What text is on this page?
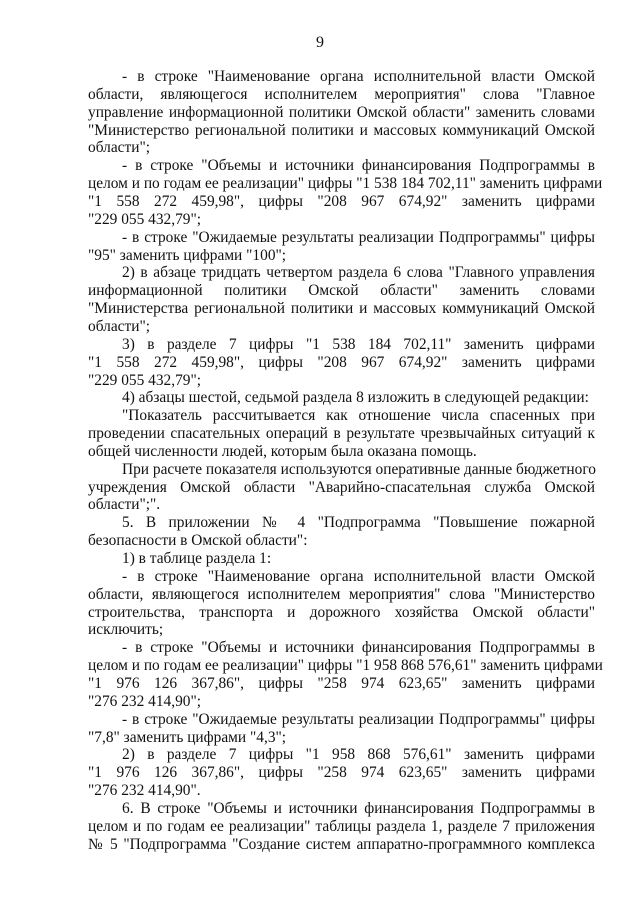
9
- в строке "Наименование органа исполнительной власти Омской
области, являющегося исполнителем мероприятия" слова "Главное
управление информационной политики Омской области" заменить словами
"Министерство региональной политики и массовых коммуникаций Омской
области";
- в строке "Объемы и источники финансирования Подпрограммы в
целом и по годам ее реализации" цифры "1 538 184 702,11" заменить цифрами
"1 558 272 459,98", цифры "208 967 674,92" заменить цифрами
"229 055 432,79";
- в строке "Ожидаемые результаты реализации Подпрограммы" цифры
"95" заменить цифрами "100";
2) в абзаце тридцать четвертом раздела 6 слова "Главного управления
информационной политики Омской области" заменить словами
"Министерства региональной политики и массовых коммуникаций Омской
области";
3) в разделе 7 цифры "1 538 184 702,11" заменить цифрами
"1 558 272 459,98", цифры "208 967 674,92" заменить цифрами
"229 055 432,79";
4) абзацы шестой, седьмой раздела 8 изложить в следующей редакции:
"Показатель рассчитывается как отношение числа спасенных при
проведении спасательных операций в результате чрезвычайных ситуаций к
общей численности людей, которым была оказана помощь.
При расчете показателя используются оперативные данные бюджетного
учреждения Омской области "Аварийно-спасательная служба Омской
области";".
5. В приложении № 4 "Подпрограмма "Повышение пожарной
безопасности в Омской области":
1) в таблице раздела 1:
- в строке "Наименование органа исполнительной власти Омской
области, являющегося исполнителем мероприятия" слова "Министерство
строительства, транспорта и дорожного хозяйства Омской области"
исключить;
- в строке "Объемы и источники финансирования Подпрограммы в
целом и по годам ее реализации" цифры "1 958 868 576,61" заменить цифрами
"1 976 126 367,86", цифры "258 974 623,65" заменить цифрами
"276 232 414,90";
- в строке "Ожидаемые результаты реализации Подпрограммы" цифры
"7,8" заменить цифрами "4,3";
2) в разделе 7 цифры "1 958 868 576,61" заменить цифрами
"1 976 126 367,86", цифры "258 974 623,65" заменить цифрами
"276 232 414,90".
6. В строке "Объемы и источники финансирования Подпрограммы в
целом и по годам ее реализации" таблицы раздела 1, разделе 7 приложения
№ 5 "Подпрограмма "Создание систем аппаратно-программного комплекса
